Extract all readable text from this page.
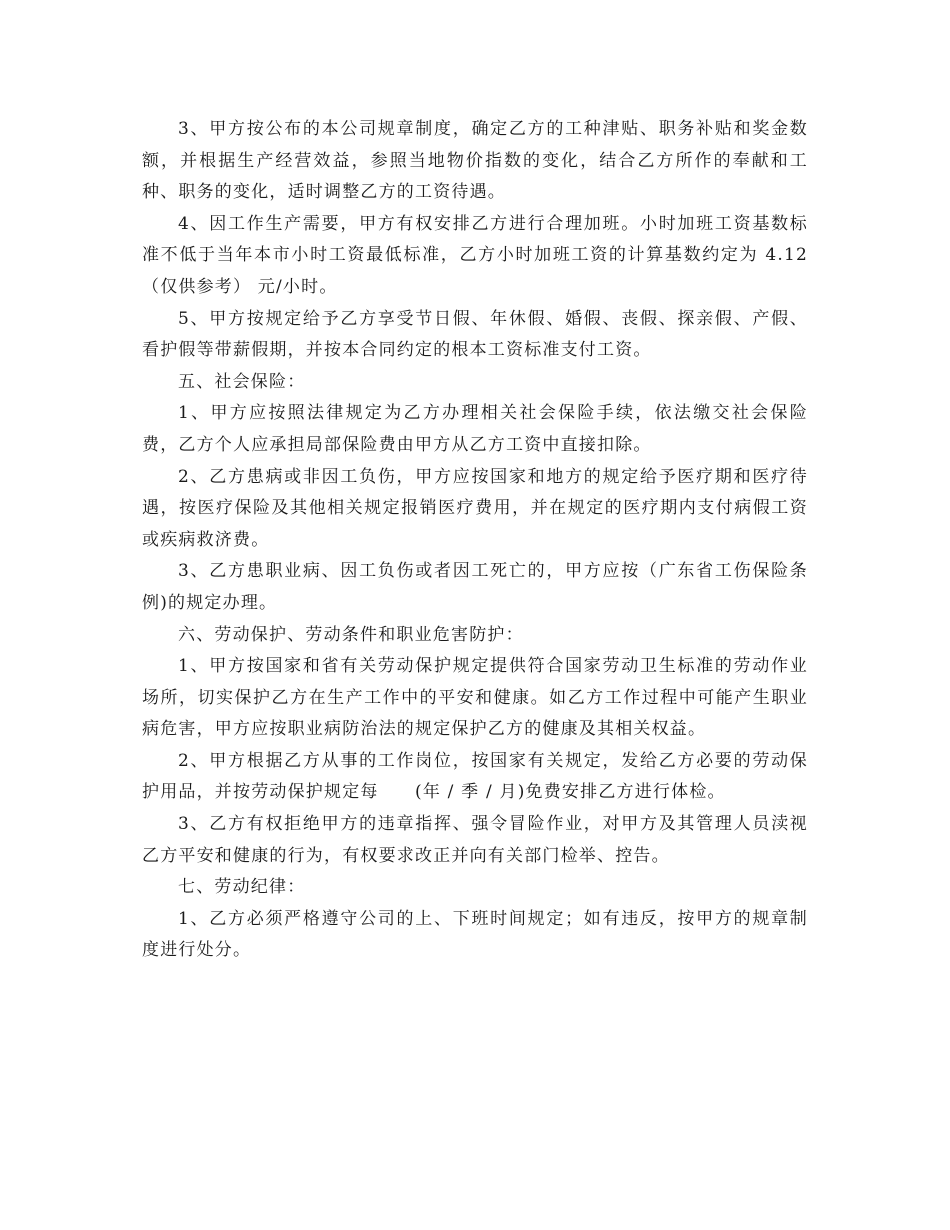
3、甲方按公布的本公司规章制度，确定乙方的工种津贴、职务补贴和奖金数额，并根据生产经营效益，参照当地物价指数的变化，结合乙方所作的奉献和工种、职务的变化，适时调整乙方的工资待遇。

4、因工作生产需要，甲方有权安排乙方进行合理加班。小时加班工资基数标准不低于当年本市小时工资最低标准，乙方小时加班工资的计算基数约定为 4.12 （仅供参考） 元/小时。

5、甲方按规定给予乙方享受节日假、年休假、婚假、丧假、探亲假、产假、看护假等带薪假期，并按本合同约定的根本工资标准支付工资。

五、社会保险：

1、甲方应按照法律规定为乙方办理相关社会保险手续，依法缴交社会保险费，乙方个人应承担局部保险费由甲方从乙方工资中直接扣除。

2、乙方患病或非因工负伤，甲方应按国家和地方的规定给予医疗期和医疗待遇，按医疗保险及其他相关规定报销医疗费用，并在规定的医疗期内支付病假工资或疾病救济费。

3、乙方患职业病、因工负伤或者因工死亡的，甲方应按（广东省工伤保险条例)的规定办理。

六、劳动保护、劳动条件和职业危害防护：

1、甲方按国家和省有关劳动保护规定提供符合国家劳动卫生标准的劳动作业场所，切实保护乙方在生产工作中的平安和健康。如乙方工作过程中可能产生职业病危害，甲方应按职业病防治法的规定保护乙方的健康及其相关权益。

2、甲方根据乙方从事的工作岗位，按国家有关规定，发给乙方必要的劳动保护用品，并按劳动保护规定每　　(年 / 季 / 月)免费安排乙方进行体检。

3、乙方有权拒绝甲方的违章指挥、强令冒险作业，对甲方及其管理人员渎视乙方平安和健康的行为，有权要求改正并向有关部门检举、控告。

七、劳动纪律：

1、乙方必须严格遵守公司的上、下班时间规定；如有违反，按甲方的规章制度进行处分。
